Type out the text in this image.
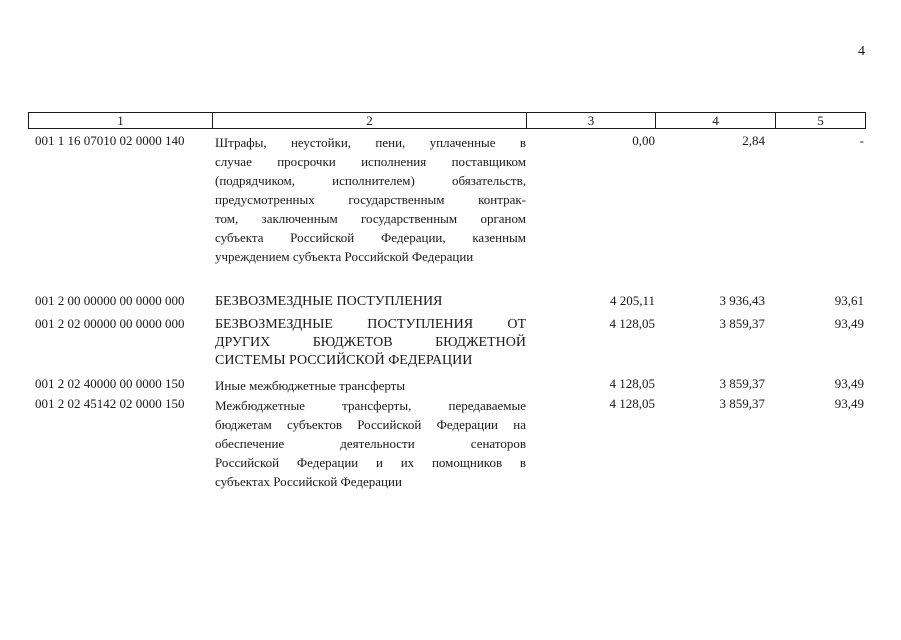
4
1	2	3	4	5
001 1 16 07010 02 0000 140 Штрафы, неустойки, пени, уплаченные в
случае просрочки исполнения поставщиком
(подрядчиком, исполнителем) обязательств,
предусмотренных государственным контрак-
том, заключенным государственным органом
субъекта Российской Федерации, казенным
учреждением субъекта Российской Федерации
0,00	2,84	-
001 2 00 00000 00 0000 000 БЕЗВОЗМЕЗДНЫЕ ПОСТУПЛЕНИЯ	4 205,11	3 936,43	93,61
001 2 02 00000 00 0000 000 БЕЗВОЗМЕЗДНЫЕ ПОСТУПЛЕНИЯ ОТ
ДРУГИХ БЮДЖЕТОВ БЮДЖЕТНОЙ
СИСТЕМЫ РОССИЙСКОЙ ФЕДЕРАЦИИ
4 128,05	3 859,37	93,49
001 2 02 40000 00 0000 150 Иные межбюджетные трансферты	4 128,05	3 859,37	93,49
001 2 02 45142 02 0000 150 Межбюджетные трансферты, передаваемые
бюджетам субъектов Российской Федерации на
обеспечение деятельности сенаторов
Российской Федерации и их помощников в
субъектах Российской Федерации
4 128,05	3 859,37	93,49
